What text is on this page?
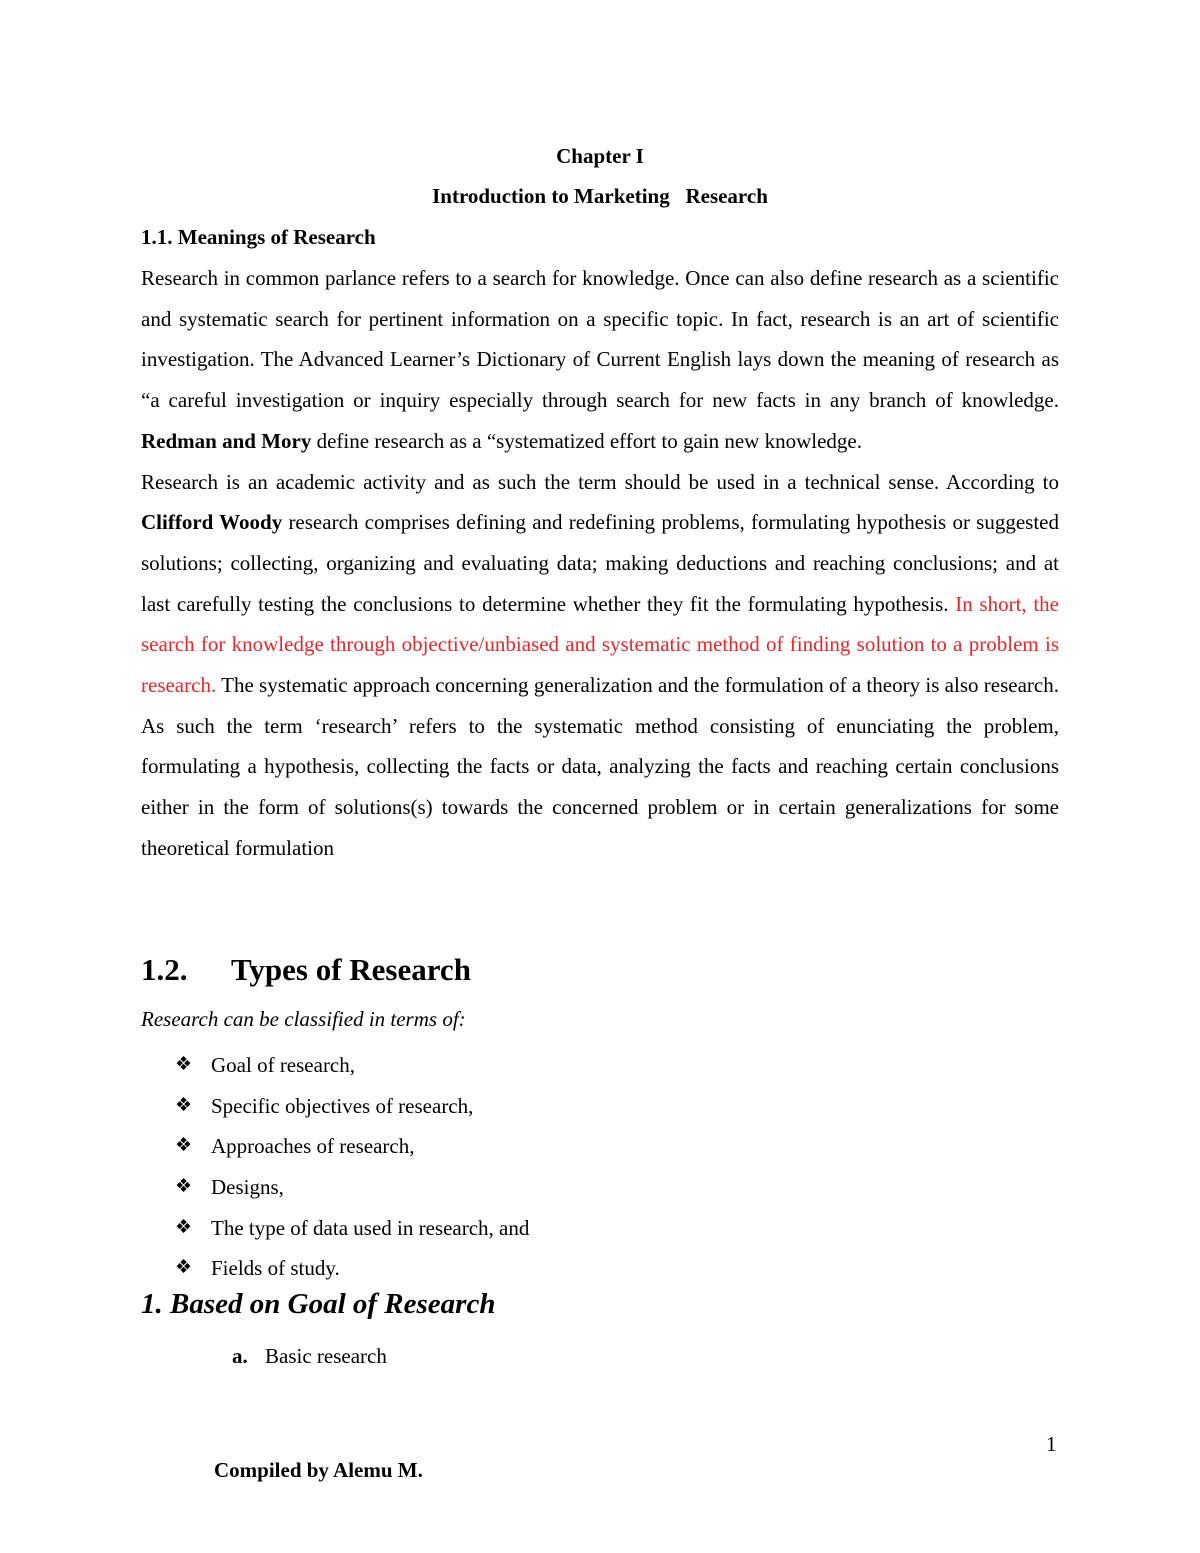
Chapter I
Introduction to Marketing   Research
1.1. Meanings of Research

Research in common parlance refers to a search for knowledge. Once can also define research as a scientific and systematic search for pertinent information on a specific topic. In fact, research is an art of scientific investigation. The Advanced Learner’s Dictionary of Current English lays down the meaning of research as “a careful investigation or inquiry especially through search for new facts in any branch of knowledge. Redman and Mory define research as a “systematized effort to gain new knowledge.

Research is an academic activity and as such the term should be used in a technical sense. According to Clifford Woody research comprises defining and redefining problems, formulating hypothesis or suggested solutions; collecting, organizing and evaluating data; making deductions and reaching conclusions; and at last carefully testing the conclusions to determine whether they fit the formulating hypothesis. In short, the search for knowledge through objective/unbiased and systematic method of finding solution to a problem is research. The systematic approach concerning generalization and the formulation of a theory is also research. As such the term ‘research’ refers to the systematic method consisting of enunciating the problem, formulating a hypothesis, collecting the facts or data, analyzing the facts and reaching certain conclusions either in the form of solutions(s) towards the concerned problem or in certain generalizations for some theoretical formulation

1.2. Types of Research
Research can be classified in terms of:
❖ Goal of research,
❖ Specific objectives of research,
❖ Approaches of research,
❖ Designs,
❖ The type of data used in research, and
❖ Fields of study.
1. Based on Goal of Research
a. Basic research
1
Compiled by Alemu M.
